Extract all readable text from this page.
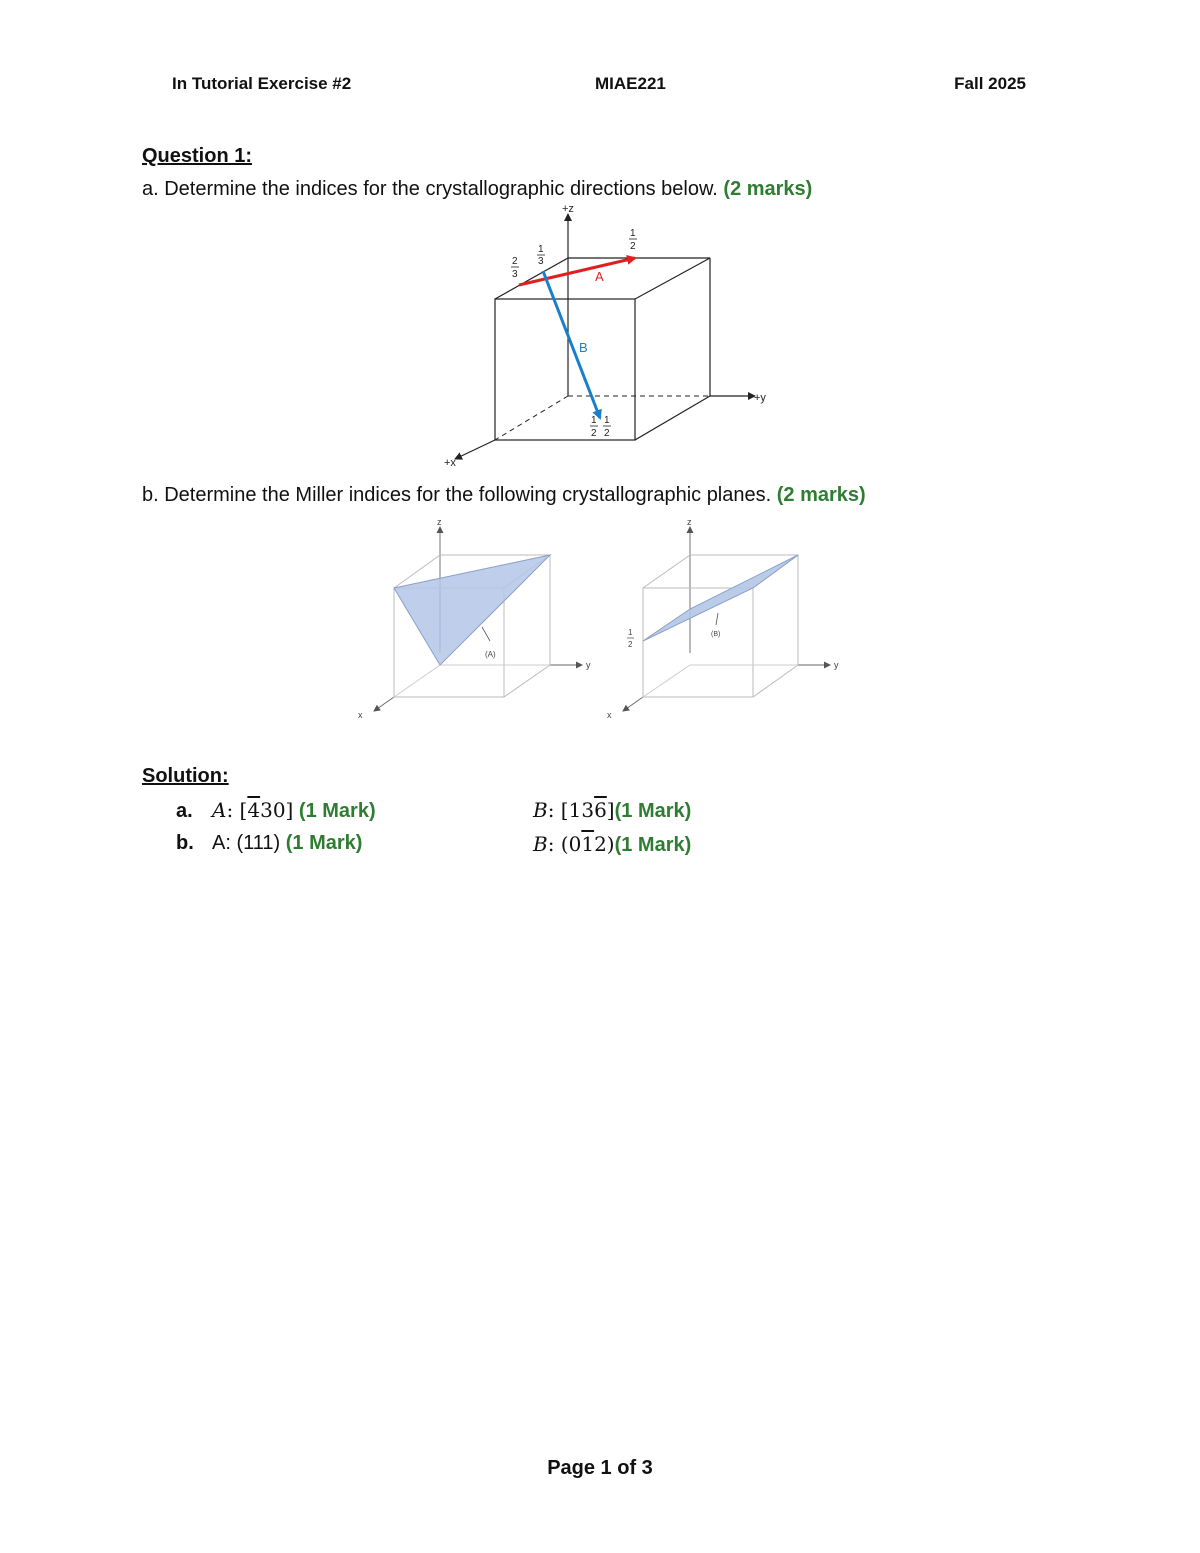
In Tutorial Exercise #2	MIAE221	Fall 2025
Question 1:
a. Determine the indices for the crystallographic directions below. (2 marks)
+z
+y
+x
A
B
2
3
1
3
1
2
1
2
1
2
b. Determine the Miller indices for the following crystallographic planes. (2 marks)
(A)
z
y
x
(B)
1
2
z
y
x
Solution:
a. A: [430] (1 Mark)	B: [136](1 Mark)
b. A: (111) (1 Mark)	B: (012)(1 Mark)
Page 1 of 3
